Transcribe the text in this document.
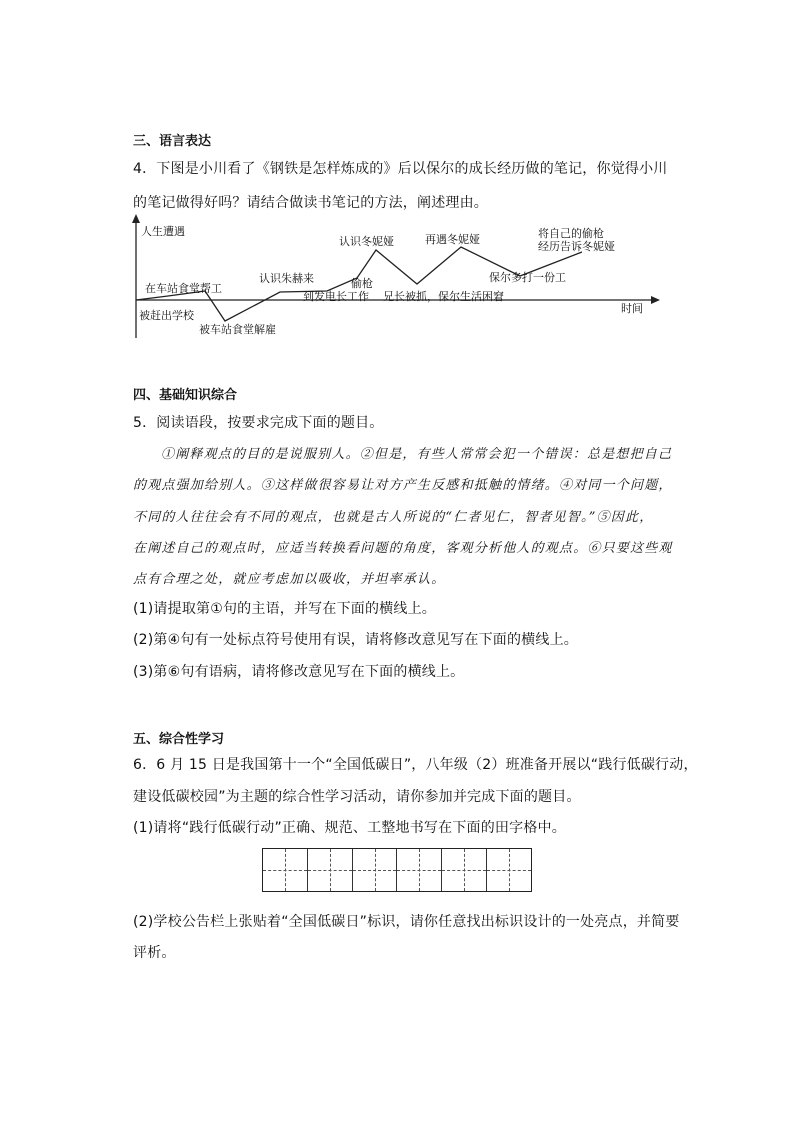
三、语言表达
4．下图是小川看了《钢铁是怎样炼成的》后以保尔的成长经历做的笔记，你觉得小川
的笔记做得好吗？请结合做读书笔记的方法，阐述理由。
人生遭遇
时间
被赶出学校
在车站食堂帮工
被车站食堂解雇
认识朱赫来
到发电长工作
偷枪
认识冬妮娅
兄长被抓，保尔生活困窘
再遇冬妮娅
保尔多打一份工
将自己的偷枪
经历告诉冬妮娅
四、基础知识综合
5．阅读语段，按要求完成下面的题目。
①阐释观点的目的是说服别人。②但是，有些人常常会犯一个错误：总是想把自己
的观点强加给别人。③这样做很容易让对方产生反感和抵触的情绪。④对同一个问题，
不同的人往往会有不同的观点，也就是古人所说的“仁者见仁，智者见智。”⑤因此，
在阐述自己的观点时，应适当转换看问题的角度，客观分析他人的观点。⑥只要这些观
点有合理之处，就应考虑加以吸收，并坦率承认。
(1)请提取第①句的主语，并写在下面的横线上。
(2)第④句有一处标点符号使用有误，请将修改意见写在下面的横线上。
(3)第⑥句有语病，请将修改意见写在下面的横线上。
五、综合性学习
6．6 月 15 日是我国第十一个“全国低碳日”，八年级（2）班准备开展以“践行低碳行动，
建设低碳校园”为主题的综合性学习活动，请你参加并完成下面的题目。
(1)请将“践行低碳行动”正确、规范、工整地书写在下面的田字格中。
(2)学校公告栏上张贴着“全国低碳日”标识，请你任意找出标识设计的一处亮点，并简要
评析。
